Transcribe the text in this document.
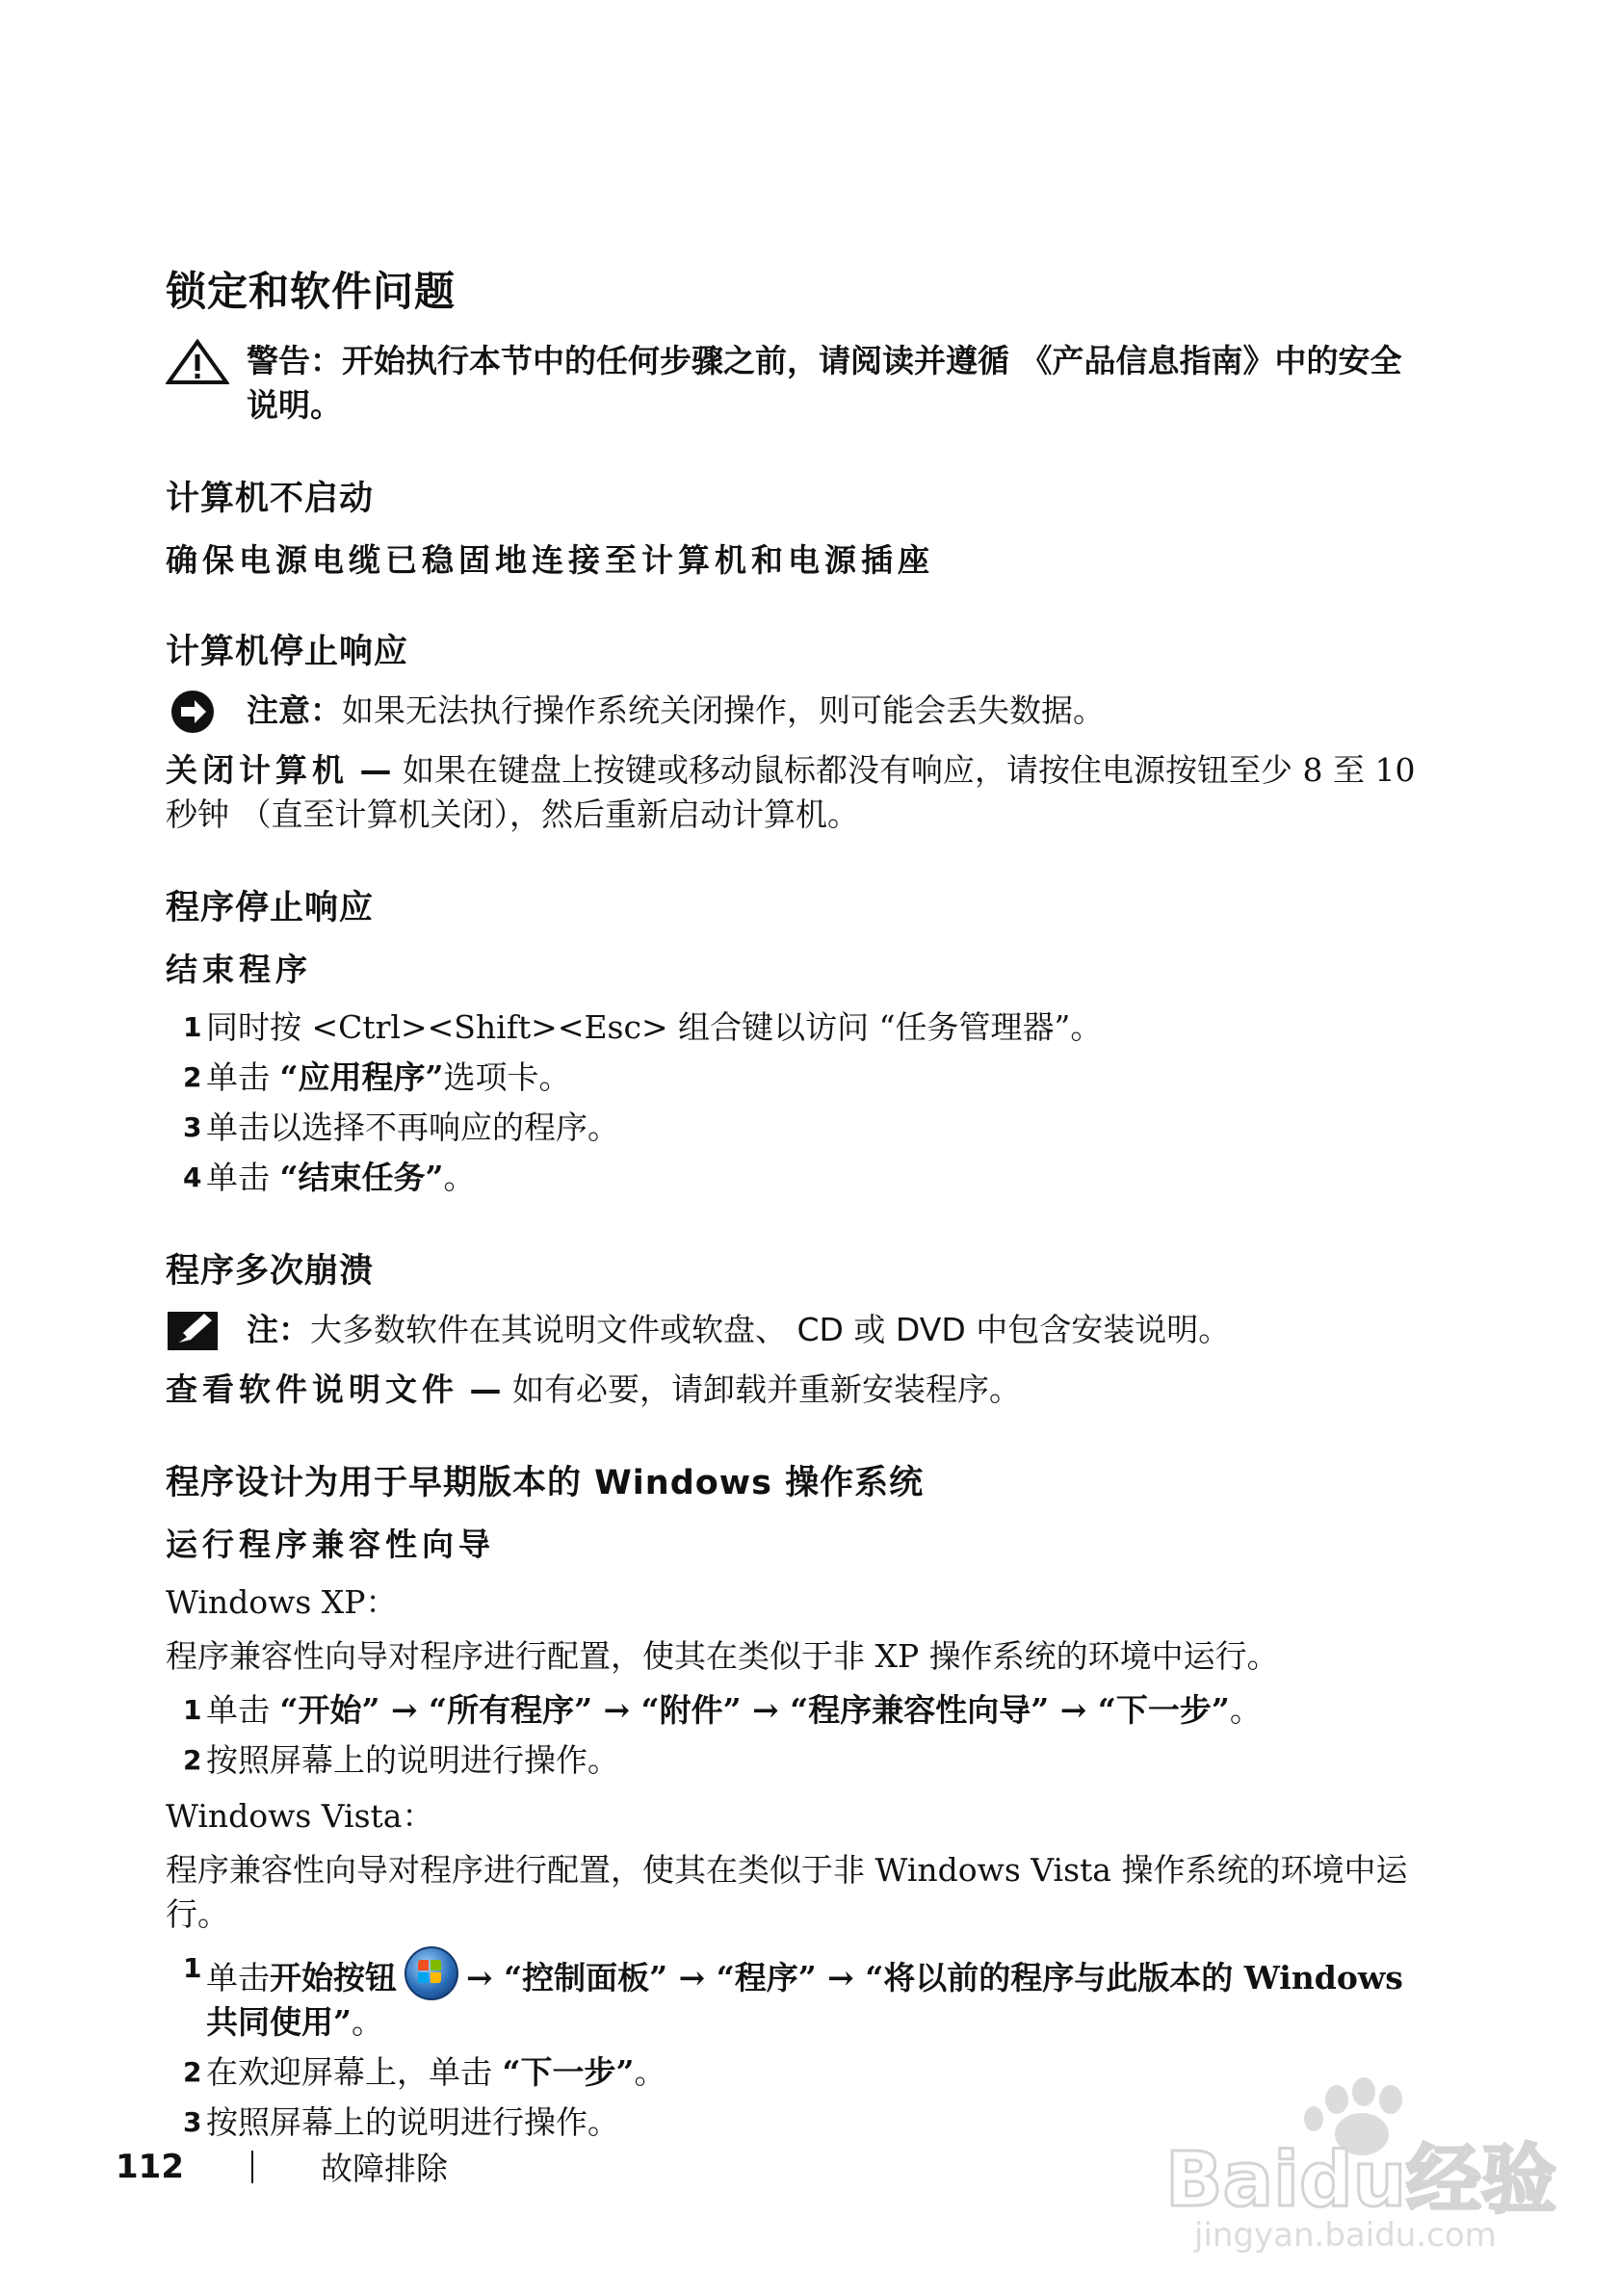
锁定和软件问题
警告：开始执行本节中的任何步骤之前，请阅读并遵循 《产品信息指南》中的安全说明。
计算机不启动
确保电源电缆已稳固地连接至计算机和电源插座
计算机停止响应
注意：如果无法执行操作系统关闭操作，则可能会丢失数据。

关闭计算机 — 如果在键盘上按键或移动鼠标都没有响应，请按住电源按钮至少 8 至 10 秒钟 （直至计算机关闭），然后重新启动计算机。

程序停止响应
结束程序
1 同时按 <Ctrl><Shift><Esc> 组合键以访问 “任务管理器”。
2 单击 “应用程序”选项卡。
3 单击以选择不再响应的程序。
4 单击 “结束任务”。
程序多次崩溃
注：大多数软件在其说明文件或软盘、 CD 或 DVD 中包含安装说明。

查看软件说明文件 — 如有必要，请卸载并重新安装程序。

程序设计为用于早期版本的 Windows 操作系统
运行程序兼容性向导

Windows XP：

程序兼容性向导对程序进行配置，使其在类似于非 XP 操作系统的环境中运行。

1 单击 “开始” → “所有程序” → “附件” → “程序兼容性向导” → “下一步”。
2 按照屏幕上的说明进行操作。

Windows Vista：

程序兼容性向导对程序进行配置，使其在类似于非 Windows Vista 操作系统的环境中运行。

1 单击开始按钮 → “控制面板” → “程序” → “将以前的程序与此版本的 Windows 共同使用”。
2 在欢迎屏幕上，单击 “下一步”。
3 按照屏幕上的说明进行操作。
112	故障排除	Baidu经验
jingyan.baidu.com
